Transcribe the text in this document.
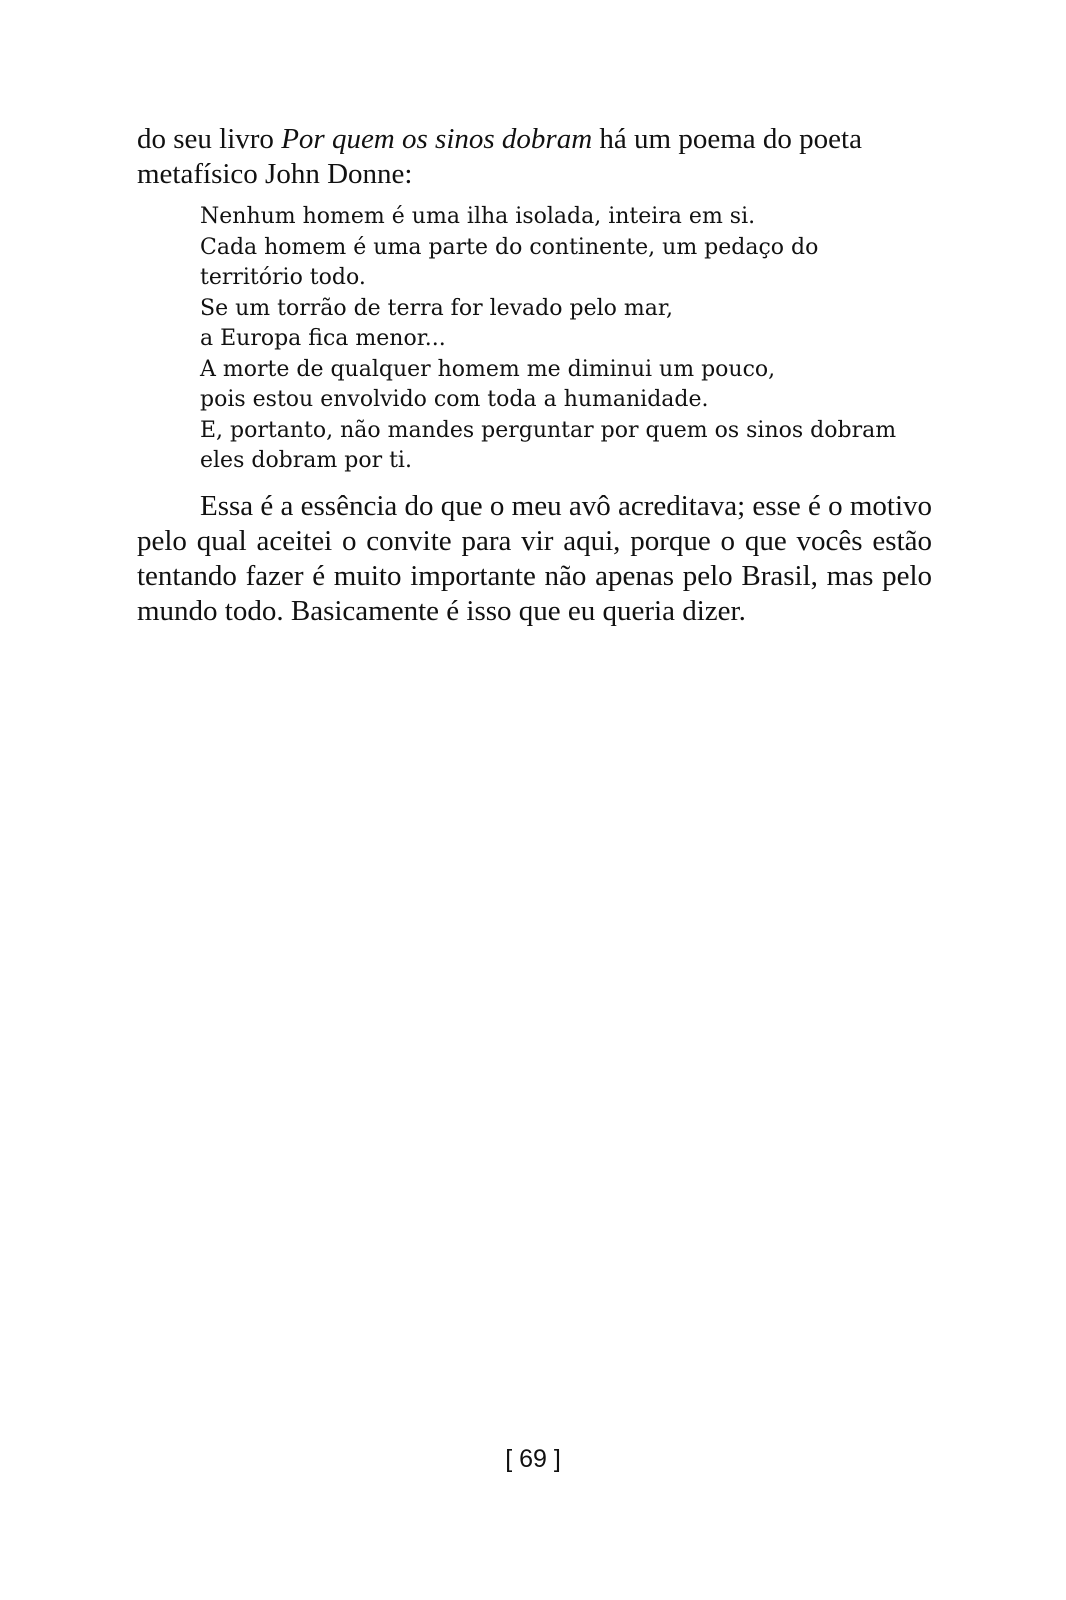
do seu livro Por quem os sinos dobram há um poema do poeta metafísico John Donne:

Nenhum homem é uma ilha isolada, inteira em si.
Cada homem é uma parte do continente, um pedaço do
território todo.
Se um torrão de terra for levado pelo mar,
a Europa fica menor...
A morte de qualquer homem me diminui um pouco,
pois estou envolvido com toda a humanidade.
E, portanto, não mandes perguntar por quem os sinos dobram
eles dobram por ti.

Essa é a essência do que o meu avô acreditava; esse é o motivo pelo qual aceitei o convite para vir aqui, porque o que vocês estão tentando fazer é muito importante não apenas pelo Brasil, mas pelo mundo todo. Basicamente é isso que eu queria dizer.

[ 69 ]
